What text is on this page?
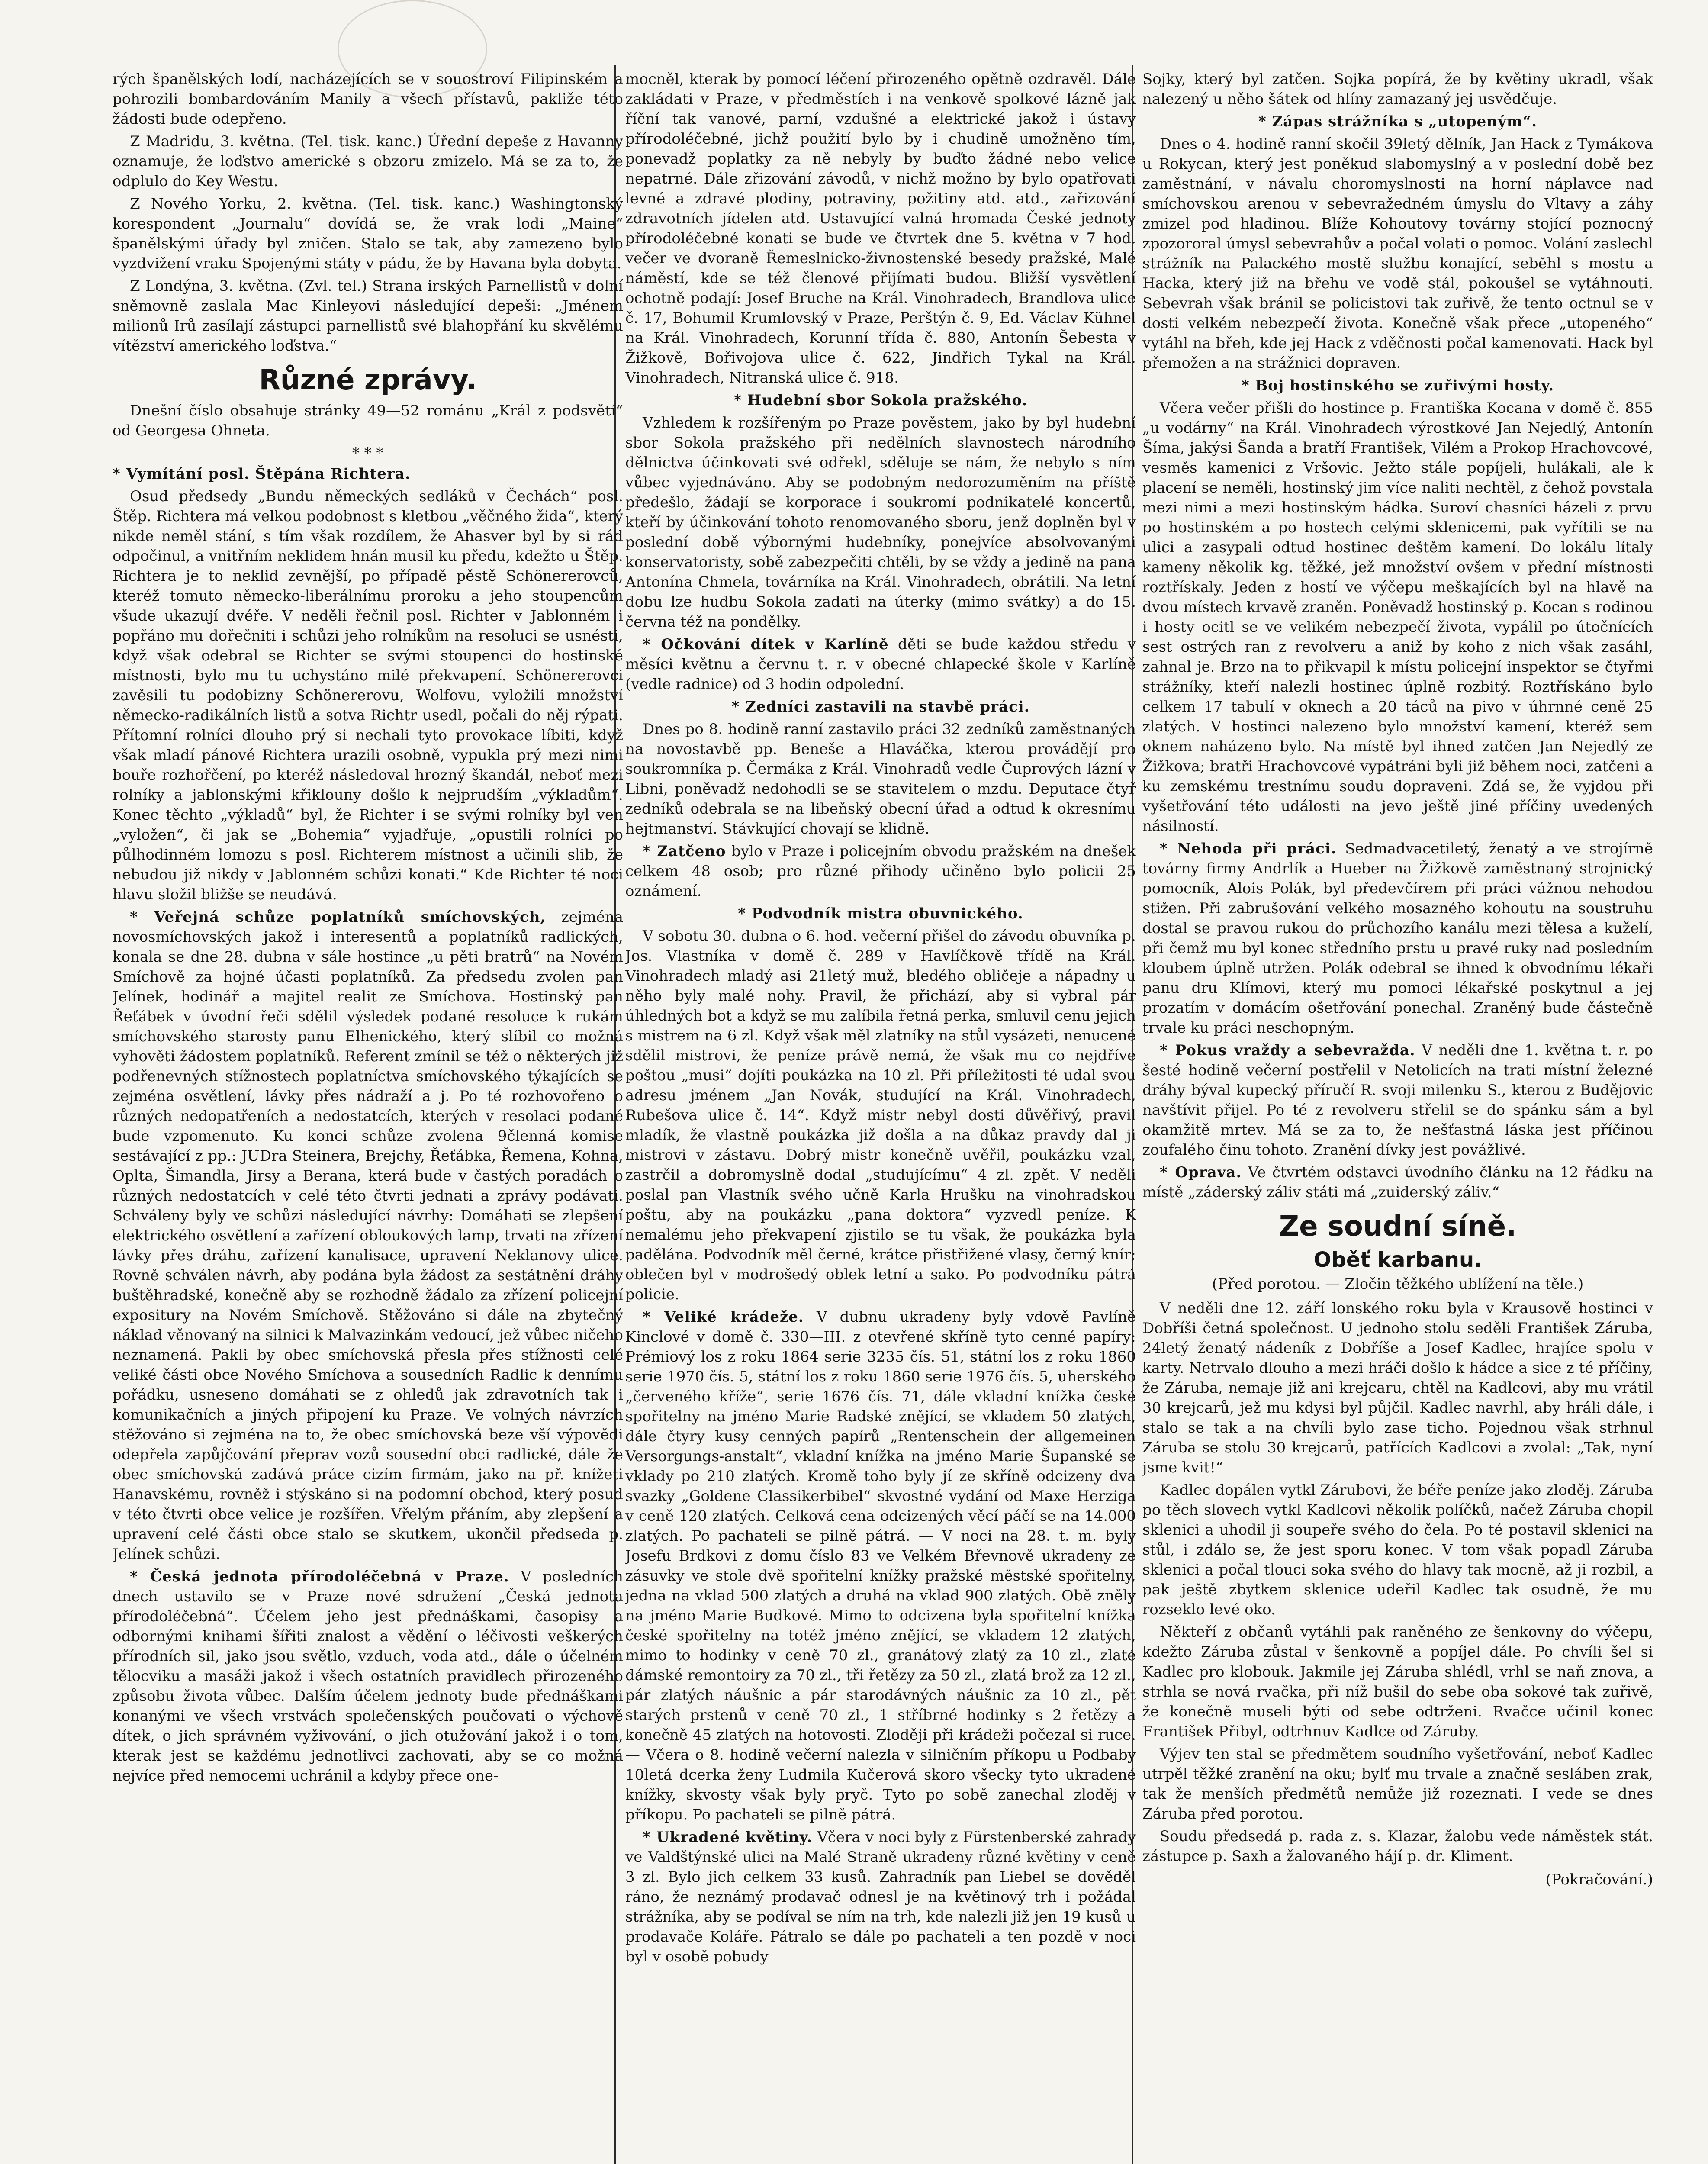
rých španělských lodí, nacházejících se v souostroví Filipinském a pohrozili bombardováním Manily a všech přístavů, pakliže této žádosti bude odepřeno.

Z Madridu, 3. května. (Tel. tisk. kanc.) Úřední depeše z Havanny oznamuje, že loďstvo americké s obzoru zmizelo. Má se za to, že odplulo do Key Westu.

Z Nového Yorku, 2. května. (Tel. tisk. kanc.) Washingtonský korespondent „Journalu“ dovídá se, že vrak lodi „Maine“ španělskými úřady byl zničen. Stalo se tak, aby zamezeno bylo vyzdvižení vraku Spojenými státy v pádu, že by Havana byla dobyta.

Z Londýna, 3. května. (Zvl. tel.) Strana irských Parnellistů v dolní sněmovně zaslala Mac Kinleyovi následující depeši: „Jménem milionů Irů zasílají zástupci parnellistů své blahopřání ku skvělému vítězství amerického loďstva.“

Různé zprávy.

Dnešní číslo obsahuje stránky 49—52 románu „Král z podsvětí“ od Georgesa Ohneta.

* * *

* Vymítání posl. Štěpána Richtera.

Osud předsedy „Bundu německých sedláků v Čechách“ posl. Štěp. Richtera má velkou podobnost s kletbou „věčného žida“, který nikde neměl stání, s tím však rozdílem, že Ahasver byl by si rád odpočinul, a vnitřním neklidem hnán musil ku předu, kdežto u Štěp. Richtera je to neklid zevnější, po případě pěstě Schönererovců, kteréž tomuto německo-liberálnímu proroku a jeho stoupencům všude ukazují dvéře. V neděli řečnil posl. Richter v Jablonném i popřáno mu dořečniti i schůzi jeho rolníkům na resoluci se usnésti, když však odebral se Richter se svými stoupenci do hostinské místnosti, bylo mu tu uchystáno milé překvapení. Schönererovci zavěsili tu podobizny Schönererovu, Wolfovu, vyložili množství německo-radikálních listů a sotva Richtr usedl, počali do něj rýpati. Přítomní rolníci dlouho prý si nechali tyto provokace líbiti, když však mladí pánové Richtera urazili osobně, vypukla prý mezi nimi bouře rozhořčení, po kteréž následoval hrozný škandál, neboť mezi rolníky a jablonskými křiklouny došlo k nejprudším „výkladům“. Konec těchto „výkladů“ byl, že Richter i se svými rolníky byl ven „vyložen“, či jak se „Bohemia“ vyjadřuje, „opustili rolníci po půlhodinném lomozu s posl. Richterem místnost a učinili slib, že nebudou již nikdy v Jablonném schůzi konati.“ Kde Richter té noci hlavu složil bližše se neudává.

* Veřejná schůze poplatníků smíchovských, zejména novosmíchovských jakož i interesentů a poplatníků radlických, konala se dne 28. dubna v sále hostince „u pěti bratrů“ na Novém Smíchově za hojné účasti poplatníků. Za předsedu zvolen pan Jelínek, hodinář a majitel realit ze Smíchova. Hostinský pan Řeťábek v úvodní řeči sdělil výsledek podané resoluce k rukám smíchovského starosty panu Elhenického, který slíbil co možná vyhověti žádostem poplatníků. Referent zmínil se též o některých již podřenevných stížnostech poplatníctva smíchovského týkajících se zejména osvětlení, lávky přes nádraží a j. Po té rozhovořeno o různých nedopatřeních a nedostatcích, kterých v resolaci podané bude vzpomenuto. Ku konci schůze zvolena 9členná komise sestávající z pp.: JUDra Steinera, Brejchy, Řeťábka, Řemena, Kohna, Oplta, Šimandla, Jirsy a Berana, která bude v častých poradách o různých nedostatcích v celé této čtvrti jednati a zprávy podávati. Schváleny byly ve schůzi následující návrhy: Domáhati se zlepšení elektrického osvětlení a zařízení obloukových lamp, trvati na zřízení lávky přes dráhu, zařízení kanalisace, upravení Neklanovy ulice. Rovně schválen návrh, aby podána byla žádost za sestátnění dráhy buštěhradské, konečně aby se rozhodně žádalo za zřízení policejní expositury na Novém Smíchově. Stěžováno si dále na zbytečný náklad věnovaný na silnici k Malvazinkám vedoucí, jež vůbec ničeho neznamená. Pakli by obec smíchovská přesla přes stížnosti celé veliké části obce Nového Smíchova a sousedních Radlic k dennímu pořádku, usneseno domáhati se z ohledů jak zdravotních tak i komunikačních a jiných připojení ku Praze. Ve volných návrzích stěžováno si zejména na to, že obec smíchovská beze vší výpovědi odepřela zapůjčování přeprav vozů sousední obci radlické, dále že obec smíchovská zadává práce cizím firmám, jako na př. knížeti Hanavskému, rovněž i stýskáno si na podomní obchod, který posud v této čtvrti obce velice je rozšířen. Vřelým přáním, aby zlepšení a upravení celé části obce stalo se skutkem, ukončil předseda p. Jelínek schůzi.

* Česká jednota přírodoléčebná v Praze. V posledních dnech ustavilo se v Praze nové sdružení „Česká jednota přírodoléčebná“. Účelem jeho jest přednáškami, časopisy a odbornými knihami šířiti znalost a vědění o léčivosti veškerých přírodních sil, jako jsou světlo, vzduch, voda atd., dále o účelném tělocviku a masáži jakož i všech ostatních pravidlech přirozeného způsobu života vůbec. Dalším účelem jednoty bude přednáškami konanými ve všech vrstvách společenských poučovati o výchově dítek, o jich správném vyživování, o jich otužování jakož i o tom, kterak jest se každému jednotlivci zachovati, aby se co možná nejvíce před nemocemi uchránil a kdyby přece one-

mocněl, kterak by pomocí léčení přirozeného opětně ozdravěl. Dále zakládati v Praze, v předměstích i na venkově spolkové lázně jak říční tak vanové, parní, vzdušné a elektrické jakož i ústavy přírodoléčebné, jichž použití bylo by i chudině umožněno tím, ponevadž poplatky za ně nebyly by buďto žádné nebo velice nepatrné. Dále zřizování závodů, v nichž možno by bylo opatřovati levné a zdravé plodiny, potraviny, požitiny atd. atd., zařizování zdravotních jídelen atd. Ustavující valná hromada České jednoty přírodoléčebné konati se bude ve čtvrtek dne 5. května v 7 hod. večer ve dvoraně Řemeslnicko-živnostenské besedy pražské, Malé náměstí, kde se též členové přijímati budou. Bližší vysvětlení ochotně podají: Josef Bruche na Král. Vinohradech, Brandlova ulice č. 17, Bohumil Krumlovský v Praze, Perštýn č. 9, Ed. Václav Kühnel na Král. Vinohradech, Korunní třída č. 880, Antonín Šebesta v Žižkově, Bořivojova ulice č. 622, Jindřich Tykal na Král. Vinohradech, Nitranská ulice č. 918.

* Hudební sbor Sokola pražského.

Vzhledem k rozšířeným po Praze pověstem, jako by byl hudební sbor Sokola pražského při nedělních slavnostech národního dělnictva účinkovati své odřekl, sděluje se nám, že nebylo s ním vůbec vyjednáváno. Aby se podobným nedorozuměním na příště předešlo, žádají se korporace i soukromí podnikatelé koncertů, kteří by účinkování tohoto renomovaného sboru, jenž doplněn byl v poslední době výbornými hudebníky, ponejvíce absolvovanými konservatoristy, sobě zabezpečiti chtěli, by se vždy a jedině na pana Antonína Chmela, továrníka na Král. Vinohradech, obrátili. Na letní dobu lze hudbu Sokola zadati na úterky (mimo svátky) a do 15. června též na pondělky.

* Očkování dítek v Karlíně děti se bude každou středu v měsíci květnu a červnu t. r. v obecné chlapecké škole v Karlíně (vedle radnice) od 3 hodin odpolední.

* Zedníci zastavili na stavbě práci.

Dnes po 8. hodině ranní zastavilo práci 32 zedníků zaměstnaných na novostavbě pp. Beneše a Hlaváčka, kterou provádějí pro soukromníka p. Čermáka z Král. Vinohradů vedle Čuprových lázní v Libni, poněvadž nedohodli se se stavitelem o mzdu. Deputace čtyř zedníků odebrala se na libeňský obecní úřad a odtud k okresnímu hejtmanství. Stávkující chovají se klidně.

* Zatčeno bylo v Praze i policejním obvodu pražském na dnešek celkem 48 osob; pro různé přihody učiněno bylo policii 25 oznámení.

* Podvodník mistra obuvnického.

V sobotu 30. dubna o 6. hod. večerní přišel do závodu obuvníka p. Jos. Vlastníka v domě č. 289 v Havlíčkově třídě na Král. Vinohradech mladý asi 21letý muž, bledého obličeje a nápadny u něho byly malé nohy. Pravil, že přichází, aby si vybral pár úhledných bot a když se mu zalíbila řetná perka, smluvil cenu jejich s mistrem na 6 zl. Když však měl zlatníky na stůl vysázeti, nenucené sdělil mistrovi, že peníze právě nemá, že však mu co nejdříve poštou „musi“ dojíti poukázka na 10 zl. Při příležitosti té udal svou adresu jménem „Jan Novák, studující na Král. Vinohradech, Rubešova ulice č. 14“. Když mistr nebyl dosti důvěřivý, pravil mladík, že vlastně poukázka již došla a na důkaz pravdy dal ji mistrovi v zástavu. Dobrý mistr konečně uvěřil, poukázku vzal, zastrčil a dobromyslně dodal „studujícímu“ 4 zl. zpět. V neděli poslal pan Vlastník svého učně Karla Hrušku na vinohradskou poštu, aby na poukázku „pana doktora“ vyzvedl peníze. K nemalému jeho překvapení zjistilo se tu však, že poukázka byla padělána. Podvodník měl černé, krátce přistřižené vlasy, černý knír; oblečen byl v modrošedý oblek letní a sako. Po podvodníku pátrá policie.

* Veliké krádeže. V dubnu ukradeny byly vdově Pavlíně Kinclové v domě č. 330—III. z otevřené skříně tyto cenné papíry: Prémiový los z roku 1864 serie 3235 čís. 51, státní los z roku 1860 serie 1970 čís. 5, státní los z roku 1860 serie 1976 čís. 5, uherského „červeného kříže“, serie 1676 čís. 71, dále vkladní knížka české spořitelny na jméno Marie Radské znějící, se vkladem 50 zlatých, dále čtyry kusy cenných papírů „Rentenschein der allgemeinen Versorgungs-anstalt“, vkladní knížka na jméno Marie Šupanské se vklady po 210 zlatých. Kromě toho byly jí ze skříně odcizeny dva svazky „Goldene Classikerbibel“ skvostné vydání od Maxe Herziga v ceně 120 zlatých. Celková cena odcizených věcí páčí se na 14.000 zlatých. Po pachateli se pilně pátrá. — V noci na 28. t. m. byly Josefu Brdkovi z domu číslo 83 ve Velkém Břevnově ukradeny ze zásuvky ve stole dvě spořitelní knížky pražské městské spořitelny, jedna na vklad 500 zlatých a druhá na vklad 900 zlatých. Obě zněly na jméno Marie Budkové. Mimo to odcizena byla spořitelní knížka české spořitelny na totéž jméno znějící, se vkladem 12 zlatých, mimo to hodinky v ceně 70 zl., granátový zlatý za 10 zl., zlaté dámské remontoiry za 70 zl., tři řetězy za 50 zl., zlatá brož za 12 zl., pár zlatých náušnic a pár starodávných náušnic za 10 zl., pět starých prstenů v ceně 70 zl., 1 stříbrné hodinky s 2 řetězy a konečně 45 zlatých na hotovosti. Zloději při krádeži počezal si ruce. — Včera o 8. hodině večerní nalezla v silničním příkopu u Podbaby 10letá dcerka ženy Ludmila Kučerová skoro všecky tyto ukradené knížky, skvosty však byly pryč. Tyto po sobě zanechal zloděj v příkopu. Po pachateli se pilně pátrá.

* Ukradené květiny. Včera v noci byly z Fürstenberské zahrady ve Valdštýnské ulici na Malé Straně ukradeny různé květiny v ceně 3 zl. Bylo jich celkem 33 kusů. Zahradník pan Liebel se dověděl ráno, že neznámý prodavač odnesl je na květinový trh i požádal strážníka, aby se podíval se ním na trh, kde nalezli již jen 19 kusů u prodavače Koláře. Pátralo se dále po pachateli a ten pozdě v noci byl v osobě pobudy

Sojky, který byl zatčen. Sojka popírá, že by květiny ukradl, však nalezený u něho šátek od hlíny zamazaný jej usvědčuje.

* Zápas strážníka s „utopeným“.

Dnes o 4. hodině ranní skočil 39letý dělník, Jan Hack z Tymákova u Rokycan, který jest poněkud slabomyslný a v poslední době bez zaměstnání, v návalu choromyslnosti na horní náplavce nad smíchovskou arenou v sebevražedném úmyslu do Vltavy a záhy zmizel pod hladinou. Blíže Kohoutovy továrny stojící poznocný zpozororal úmysl sebevrahův a počal volati o pomoc. Volání zaslechl strážník na Palackého mostě službu konající, seběhl s mostu a Hacka, který již na břehu ve vodě stál, pokoušel se vytáhnouti. Sebevrah však bránil se policistovi tak zuřivě, že tento octnul se v dosti velkém nebezpečí života. Konečně však přece „utopeného“ vytáhl na břeh, kde jej Hack z vděčnosti počal kamenovati. Hack byl přemožen a na strážnici dopraven.

* Boj hostinského se zuřivými hosty.

Včera večer přišli do hostince p. Františka Kocana v domě č. 855 „u vodárny“ na Král. Vinohradech výrostkové Jan Nejedlý, Antonín Šíma, jakýsi Šanda a bratří František, Vilém a Prokop Hrachovcové, vesměs kamenici z Vršovic. Ježto stále popíjeli, hulákali, ale k placení se neměli, hostinský jim více naliti nechtěl, z čehož povstala mezi nimi a mezi hostinským hádka. Suroví chasníci házeli z prvu po hostinském a po hostech celými sklenicemi, pak vyřítili se na ulici a zasypali odtud hostinec deštěm kamení. Do lokálu lítaly kameny několik kg. těžké, jež množství ovšem v přední místnosti roztřískaly. Jeden z hostí ve výčepu meškajících byl na hlavě na dvou místech krvavě zraněn. Poněvadž hostinský p. Kocan s rodinou i hosty ocitl se ve velikém nebezpečí života, vypálil po útočnících sest ostrých ran z revolveru a aniž by koho z nich však zasáhl, zahnal je. Brzo na to přikvapil k místu policejní inspektor se čtyřmi strážníky, kteří nalezli hostinec úplně rozbitý. Roztřískáno bylo celkem 17 tabulí v oknech a 20 táců na pivo v úhrnné ceně 25 zlatých. V hostinci nalezeno bylo množství kamení, kteréž sem oknem naházeno bylo. Na místě byl ihned zatčen Jan Nejedlý ze Žižkova; bratři Hrachovcové vypátráni byli již během noci, zatčeni a ku zemskému trestnímu soudu dopraveni. Zdá se, že vyjdou při vyšetřování této události na jevo ještě jiné příčiny uvedených násilností.

* Nehoda při práci. Sedmadvacetiletý, ženatý a ve strojírně továrny firmy Andrlík a Hueber na Žižkově zaměstnaný strojnický pomocník, Alois Polák, byl předevčírem při práci vážnou nehodou stižen. Při zabrušování velkého mosazného kohoutu na soustruhu dostal se pravou rukou do průchozího kanálu mezi tělesa a kuželí, při čemž mu byl konec středního prstu u pravé ruky nad posledním kloubem úplně utržen. Polák odebral se ihned k obvodnímu lékaři panu dru Klímovi, který mu pomoci lékařské poskytnul a jej prozatím v domácím ošetřování ponechal. Zraněný bude částečně trvale ku práci neschopným.

* Pokus vraždy a sebevražda. V neděli dne 1. května t. r. po šesté hodině večerní postřelil v Netolicích na trati místní železné dráhy býval kupecký příručí R. svoji milenku S., kterou z Budějovic navštívit přijel. Po té z revolveru střelil se do spánku sám a byl okamžitě mrtev. Má se za to, že nešťastná láska jest příčinou zoufalého činu tohoto. Zranění dívky jest povážlivé.

* Oprava. Ve čtvrtém odstavci úvodního článku na 12 řádku na místě „záderský záliv státi má „zuiderský záliv.“

Ze soudní síně.
Oběť karbanu.

(Před porotou. — Zločin těžkého ublížení na těle.)

V neděli dne 12. září lonského roku byla v Krausově hostinci v Dobříši četná společnost. U jednoho stolu seděli František Záruba, 24letý ženatý nádeník z Dobříše a Josef Kadlec, hrajíce spolu v karty. Netrvalo dlouho a mezi hráči došlo k hádce a sice z té příčiny, že Záruba, nemaje již ani krejcaru, chtěl na Kadlcovi, aby mu vrátil 30 krejcarů, jež mu kdysi byl půjčil. Kadlec navrhl, aby hráli dále, i stalo se tak a na chvíli bylo zase ticho. Pojednou však strhnul Záruba se stolu 30 krejcarů, patřících Kadlcovi a zvolal: „Tak, nyní jsme kvit!“

Kadlec dopálen vytkl Zárubovi, že béře peníze jako zloděj. Záruba po těch slovech vytkl Kadlcovi několik políčků, načež Záruba chopil sklenici a uhodil ji soupeře svého do čela. Po té postavil sklenici na stůl, i zdálo se, že jest sporu konec. V tom však popadl Záruba sklenici a počal tlouci soka svého do hlavy tak mocně, až ji rozbil, a pak ještě zbytkem sklenice udeřil Kadlec tak osudně, že mu rozseklo levé oko.

Někteří z občanů vytáhli pak raněného ze šenkovny do výčepu, kdežto Záruba zůstal v šenkovně a popíjel dále. Po chvíli šel si Kadlec pro klobouk. Jakmile jej Záruba shlédl, vrhl se naň znova, a strhla se nová rvačka, při níž bušil do sebe oba sokové tak zuřivě, že konečně museli býti od sebe odtrženi. Rvačce učinil konec František Přibyl, odtrhnuv Kadlce od Záruby.

Výjev ten stal se předmětem soudního vyšetřování, neboť Kadlec utrpěl těžké zranění na oku; bylť mu trvale a značně sesláben zrak, tak že menších předmětů nemůže již rozeznati. I vede se dnes Záruba před porotou.

Soudu předsedá p. rada z. s. Klazar, žalobu vede náměstek stát. zástupce p. Saxh a žalovaného hájí p. dr. Kliment.

(Pokračování.)
